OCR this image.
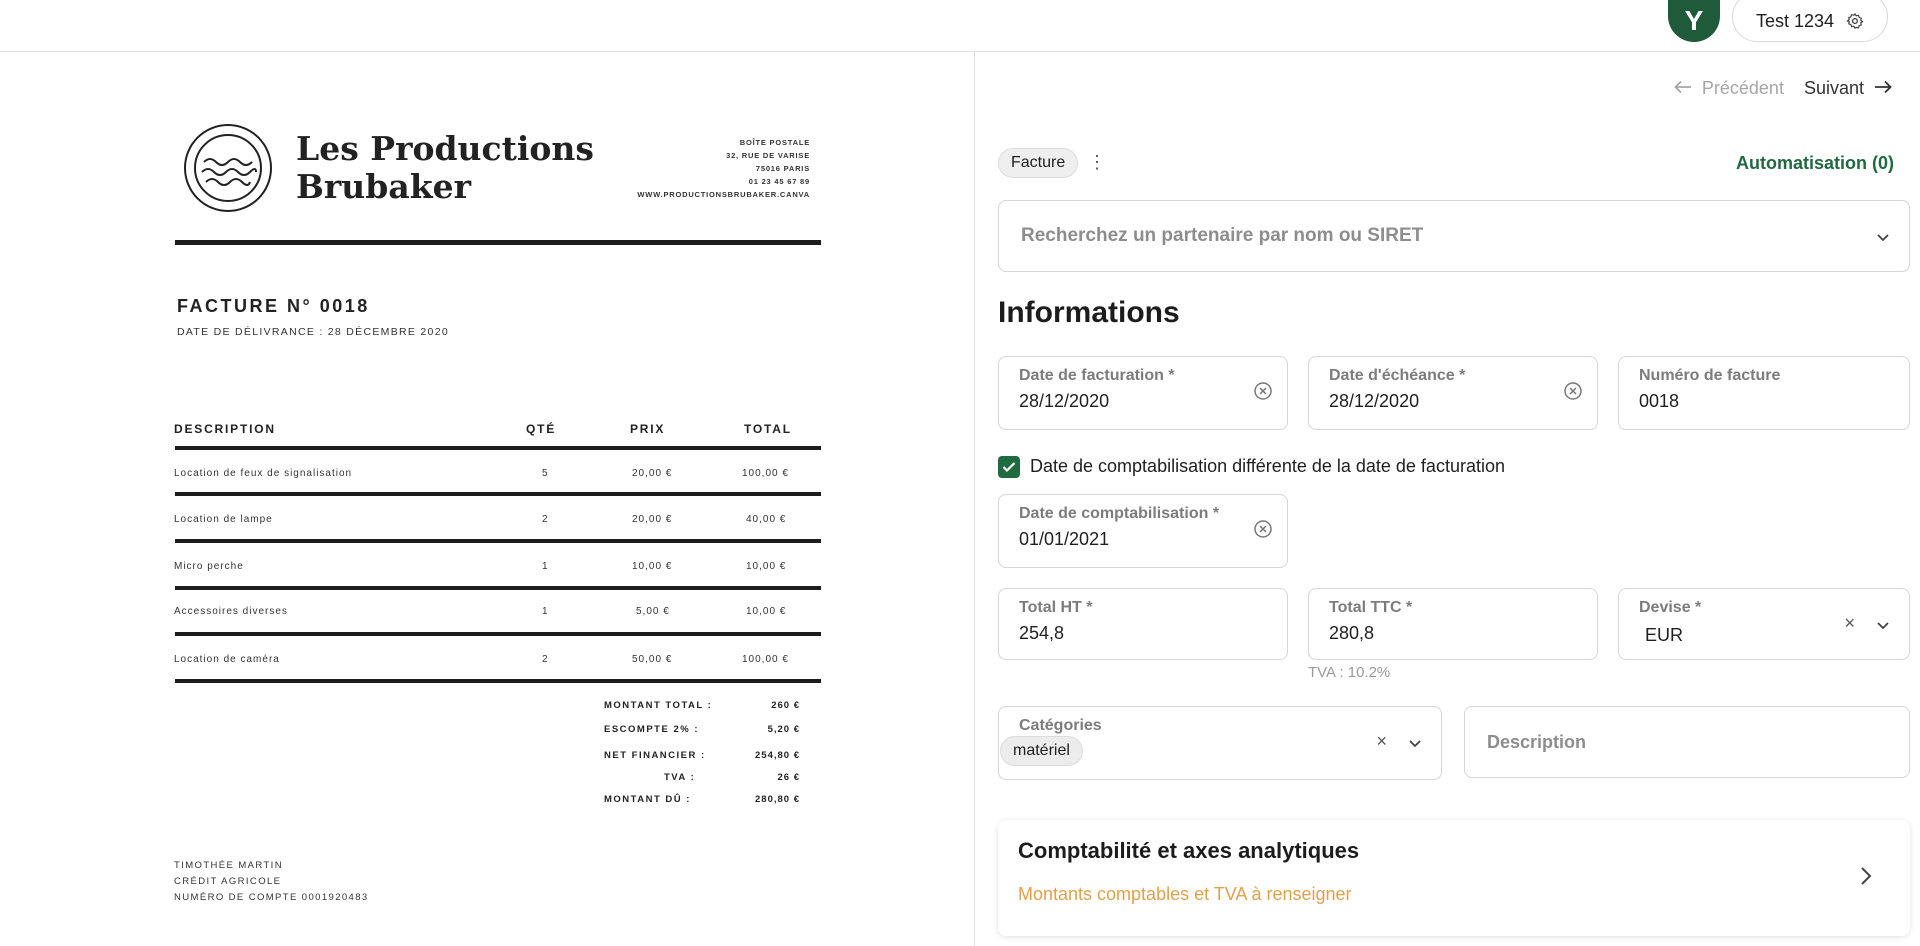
Y	Test 1234
Les Productions
Brubaker
BOÎTE POSTALE
32, RUE DE VARISE
75016 PARIS
01 23 45 67 89
WWW.PRODUCTIONSBRUBAKER.CANVA
FACTURE N° 0018
DATE DE DÉLIVRANCE : 28 DÉCEMBRE 2020
DESCRIPTION	QTÉ	PRIX	TOTAL
Location de feux de signalisation	5	20,00 €	100,00 €
Location de lampe	2	20,00 €	40,00 €
Micro perche	1	10,00 €	10,00 €
Accessoires diverses	1	5,00 €	10,00 €
Location de caméra	2	50,00 €	100,00 €
MONTANT TOTAL :	260 €
ESCOMPTE 2% :	5,20 €
NET FINANCIER :	254,80 €
TVA :	26 €
MONTANT DÛ :	280,80 €
TIMOTHÉE MARTIN
CRÉDIT AGRICOLE
NUMÉRO DE COMPTE 0001920483
Précédent Suivant
Facture ⋮	Automatisation (0)
Recherchez un partenaire par nom ou SIRET
Informations
Date de facturation *
28/12/2020
Date d'échéance *
28/12/2020
Numéro de facture
0018
Date de comptabilisation différente de la date de facturation
Date de comptabilisation *
01/01/2021
Total HT *
254,8
Total TTC *
280,8
Devise *
EUR
×
TVA : 10.2%
Catégories
×
matériel	Description
Comptabilité et axes analytiques
Montants comptables et TVA à renseigner
